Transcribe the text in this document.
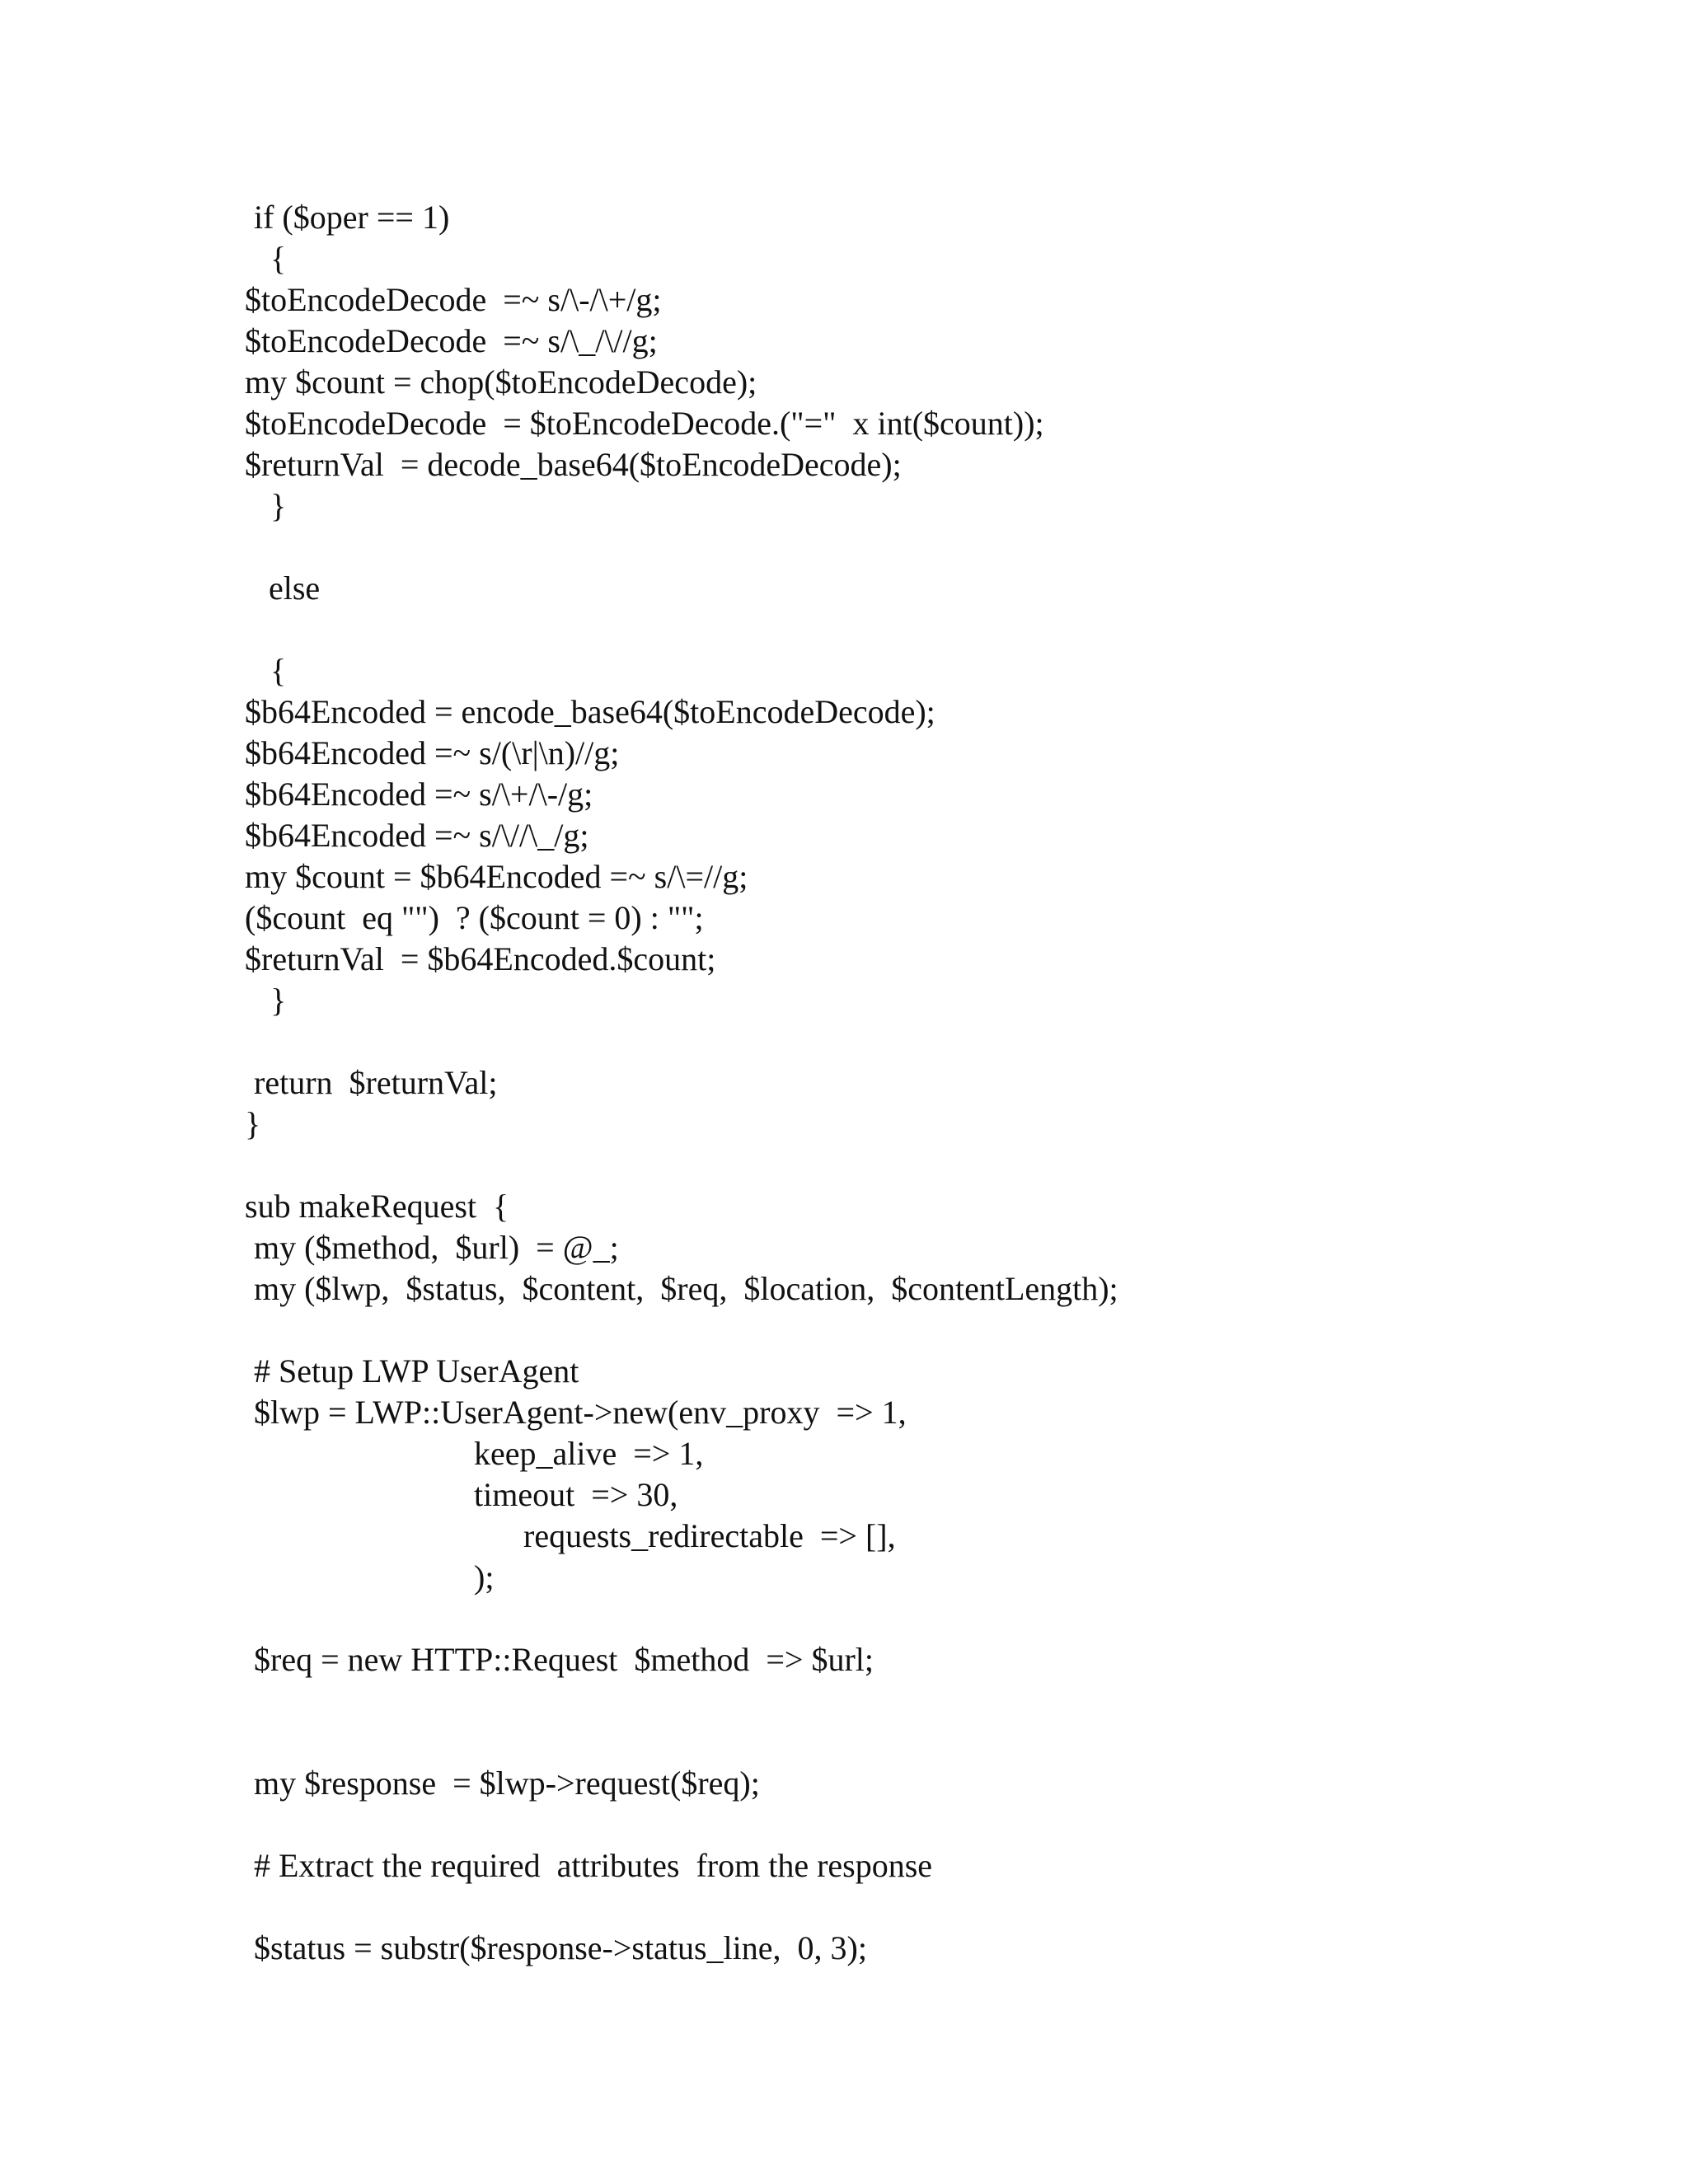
if ($oper == 1)
{
$toEncodeDecode  =~ s/\-/\+/g;
$toEncodeDecode  =~ s/\_/\//g;
my $count = chop($toEncodeDecode);
$toEncodeDecode  = $toEncodeDecode.("="  x int($count));
$returnVal  = decode_base64($toEncodeDecode);
}
else
{
$b64Encoded = encode_base64($toEncodeDecode);
$b64Encoded =~ s/(\r|\n)//g;
$b64Encoded =~ s/\+/\-/g;
$b64Encoded =~ s/\//\_/g;
my $count = $b64Encoded =~ s/\=//g;
($count  eq "")  ? ($count = 0) : "";
$returnVal  = $b64Encoded.$count;
}
return  $returnVal;
}
sub makeRequest  {
my ($method,  $url)  = @_;
my ($lwp,  $status,  $content,  $req,  $location,  $contentLength);
# Setup LWP UserAgent
$lwp = LWP::UserAgent->new(env_proxy  => 1,
keep_alive  => 1,
timeout  => 30,
requests_redirectable  => [],
);
$req = new HTTP::Request  $method  => $url;
my $response  = $lwp->request($req);
# Extract the required  attributes  from the response
$status = substr($response->status_line,  0, 3);
